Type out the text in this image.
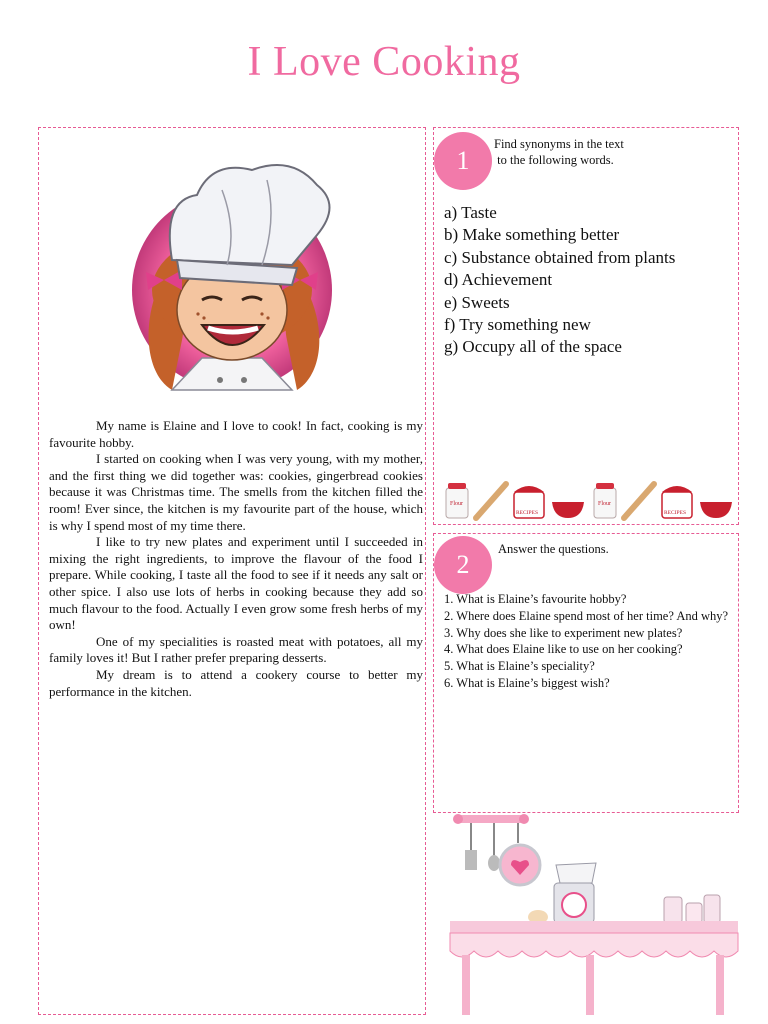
I Love Cooking

My name is Elaine and I love to cook! In fact, cooking is my favourite hobby.

I started on cooking when I was very young, with my mother, and the first thing we did together was: cookies, gingerbread cookies because it was Christmas time. The smells from the kitchen filled the room! Ever since, the kitchen is my favourite part of the house, which is why I spend most of my time there.

I like to try new plates and experiment until I succeeded in mixing the right ingredients, to improve the flavour of the food I prepare. While cooking, I taste all the food to see if it needs any salt or other spice. I also use lots of herbs in cooking because they add so much flavour to the food. Actually I even grow some fresh herbs of my own!

One of my specialities is roasted meat with potatoes, all my family loves it! But I rather prefer preparing desserts.

My dream is to attend a cookery course to better my performance in the kitchen.

1
Find synonyms in the text
to the following words.
a) Taste
b) Make something better
c) Substance obtained from plants
d) Achievement
e) Sweets
f) Try something new
g) Occupy all of the space
Flour
RECIPES
Flour
RECIPES
2
Answer the questions.
1. What is Elaine’s favourite hobby?
2. Where does Elaine spend most of her time? And why?
3. Why does she like to experiment new plates?
4. What does Elaine like to use on her cooking?
5. What is Elaine’s speciality?
6. What is Elaine’s biggest wish?
